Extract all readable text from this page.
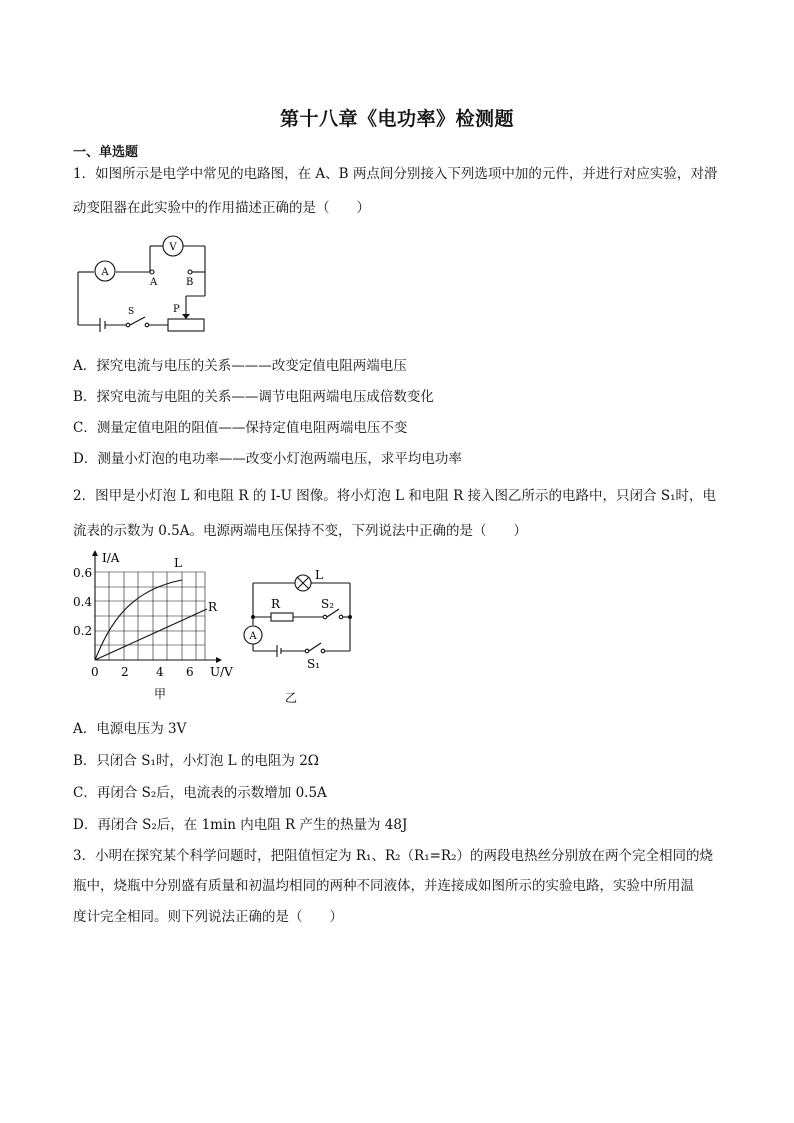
第十八章《电功率》检测题
一、单选题
1．如图所示是电学中常见的电路图，在 A、B 两点间分别接入下列选项中加的元件，并进行对应实验，对滑动变阻器在此实验中的作用描述正确的是（　　）
A
V
A	B
S	P
A．探究电流与电压的关系———改变定值电阻两端电压
B．探究电流与电阻的关系——调节电阻两端电压成倍数变化
C．测量定值电阻的阻值——保持定值电阻两端电压不变
D．测量小灯泡的电功率——改变小灯泡两端电压，求平均电功率
2．图甲是小灯泡 L 和电阻 R 的 I-U 图像。将小灯泡 L 和电阻 R 接入图乙所示的电路中，只闭合 S₁时，电
流表的示数为 0.5A。电源两端电压保持不变，下列说法中正确的是（　　）
I/A
U/V
0.6
0.4
0.2
0 2 4 6
L
R
甲
L
R	S₂
A
S₁
乙
A．电源电压为 3V
B．只闭合 S₁时，小灯泡 L 的电阻为 2Ω
C．再闭合 S₂后，电流表的示数增加 0.5A
D．再闭合 S₂后，在 1min 内电阻 R 产生的热量为 48J
3．小明在探究某个科学问题时，把阻值恒定为 R₁、R₂（R₁=R₂）的两段电热丝分别放在两个完全相同的烧
瓶中，烧瓶中分别盛有质量和初温均相同的两种不同液体，并连接成如图所示的实验电路，实验中所用温
度计完全相同。则下列说法正确的是（　　）
